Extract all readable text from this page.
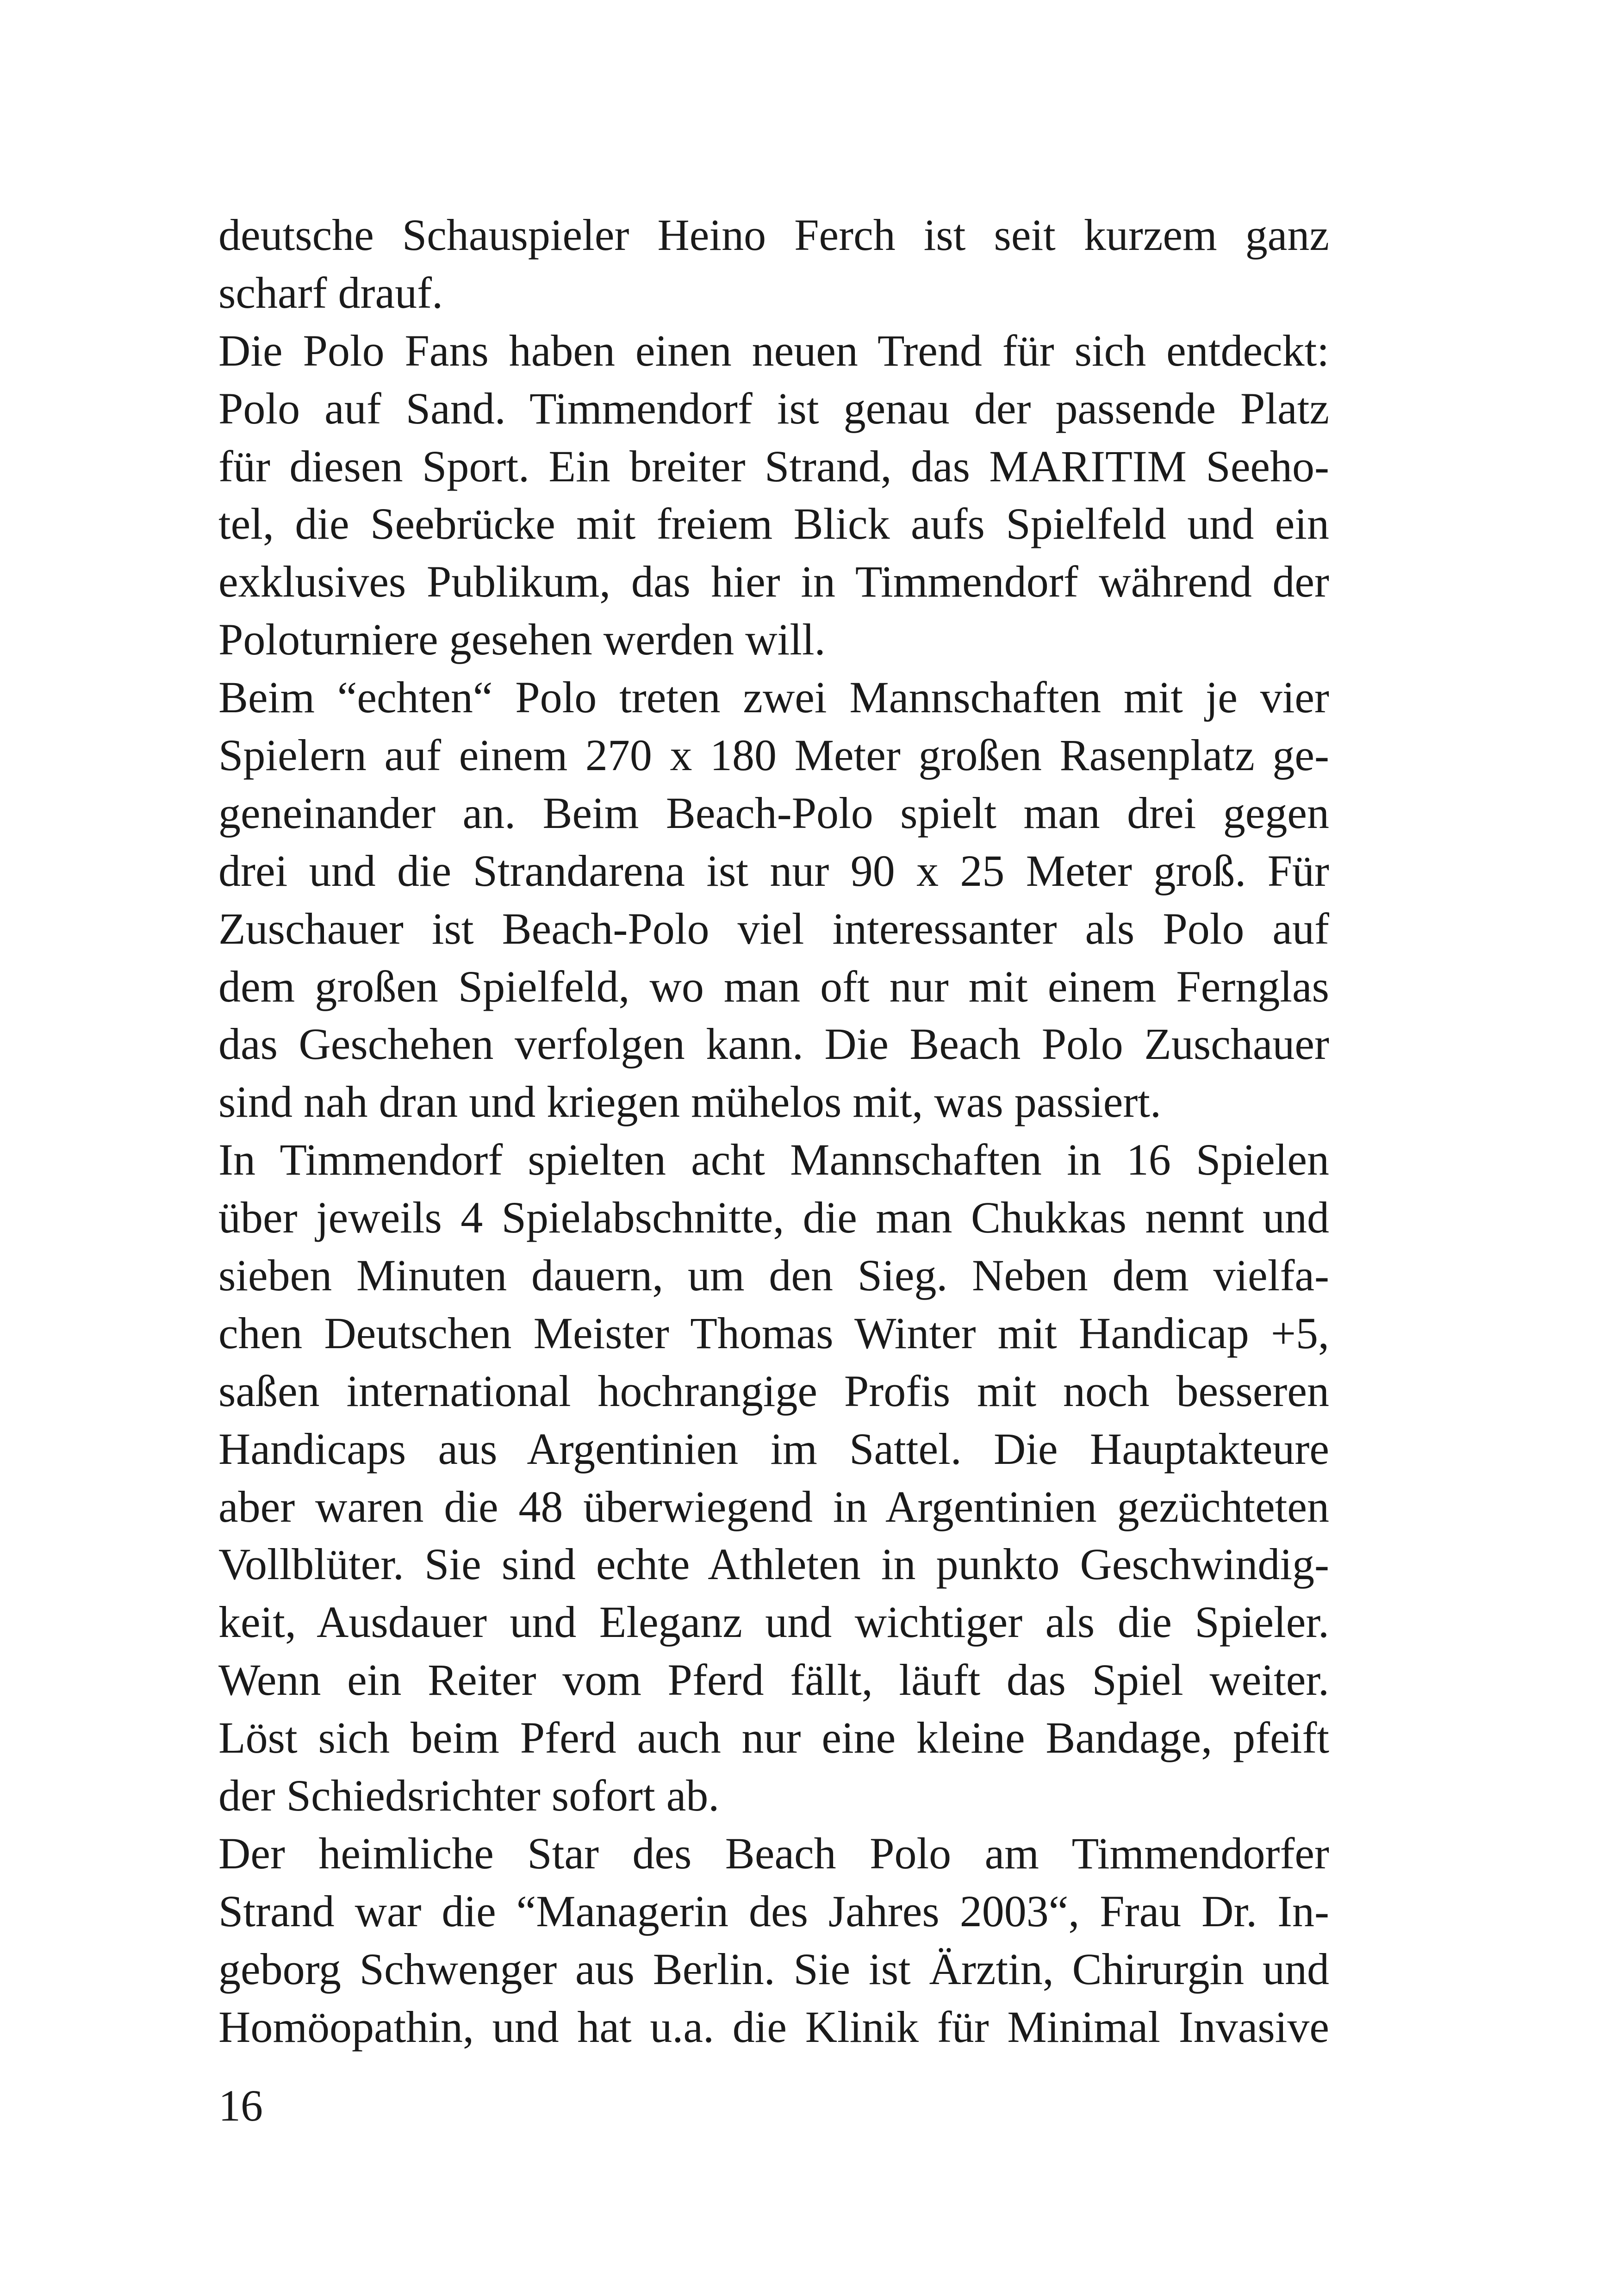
deutsche Schauspieler Heino Ferch ist seit kurzem ganz
scharf drauf.
Die Polo Fans haben einen neuen Trend für sich entdeckt:
Polo auf Sand. Timmendorf ist genau der passende Platz
für diesen Sport. Ein breiter Strand, das MARITIM Seeho-
tel, die Seebrücke mit freiem Blick aufs Spielfeld und ein
exklusives Publikum, das hier in Timmendorf während der
Poloturniere gesehen werden will.
Beim “echten“ Polo treten zwei Mannschaften mit je vier
Spielern auf einem 270 x 180 Meter großen Rasenplatz ge-
geneinander an. Beim Beach-Polo spielt man drei gegen
drei und die Strandarena ist nur 90 x 25 Meter groß. Für
Zuschauer ist Beach-Polo viel interessanter als Polo auf
dem großen Spielfeld, wo man oft nur mit einem Fernglas
das Geschehen verfolgen kann. Die Beach Polo Zuschauer
sind nah dran und kriegen mühelos mit, was passiert.
In Timmendorf spielten acht Mannschaften in 16 Spielen
über jeweils 4 Spielabschnitte, die man Chukkas nennt und
sieben Minuten dauern, um den Sieg. Neben dem vielfa-
chen Deutschen Meister Thomas Winter mit Handicap +5,
saßen international hochrangige Profis mit noch besseren
Handicaps aus Argentinien im Sattel. Die Hauptakteure
aber waren die 48 überwiegend in Argentinien gezüchteten
Vollblüter. Sie sind echte Athleten in punkto Geschwindig-
keit, Ausdauer und Eleganz und wichtiger als die Spieler.
Wenn ein Reiter vom Pferd fällt, läuft das Spiel weiter.
Löst sich beim Pferd auch nur eine kleine Bandage, pfeift
der Schiedsrichter sofort ab.
Der heimliche Star des Beach Polo am Timmendorfer
Strand war die “Managerin des Jahres 2003“, Frau Dr. In-
geborg Schwenger aus Berlin. Sie ist Ärztin, Chirurgin und
Homöopathin, und hat u.a. die Klinik für Minimal Invasive
16
